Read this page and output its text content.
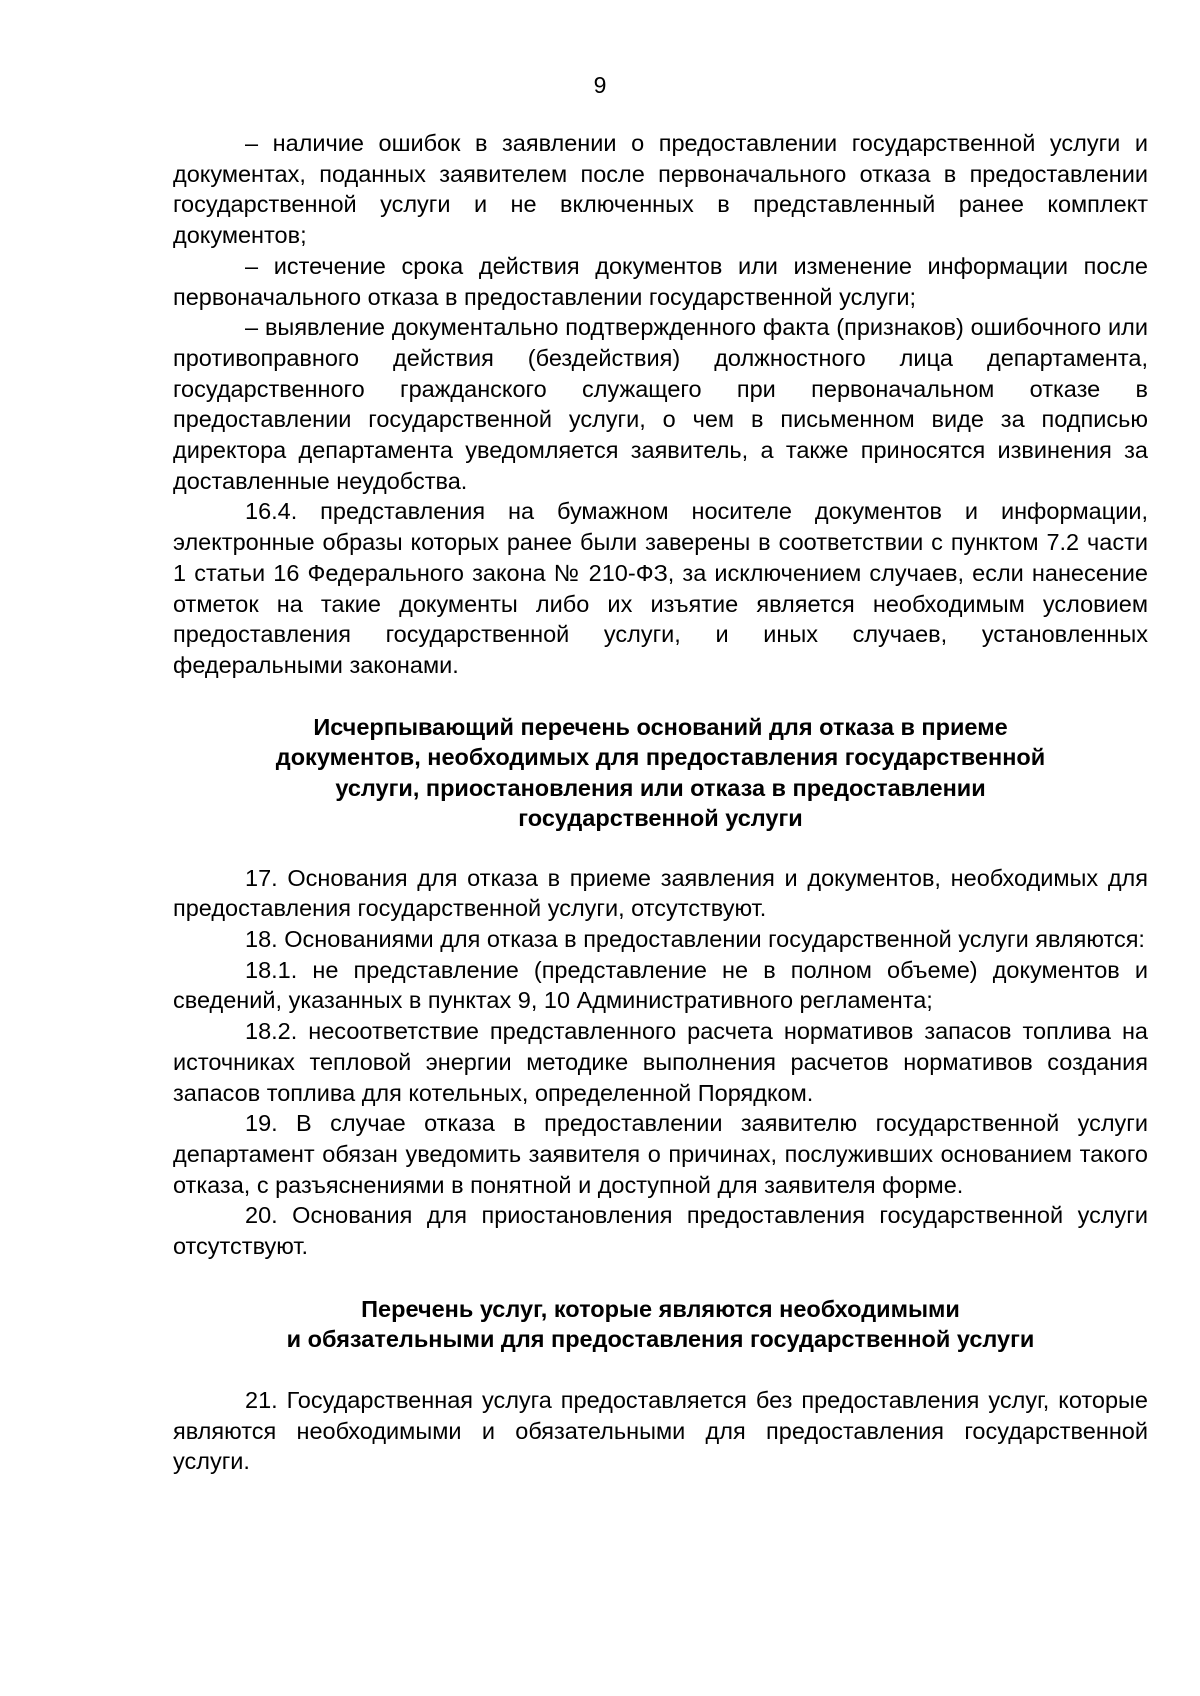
9

– наличие ошибок в заявлении о предоставлении государственной услуги и документах, поданных заявителем после первоначального отказа в предоставлении государственной услуги и не включенных в представленный ранее комплект документов;

– истечение срока действия документов или изменение информации после первоначального отказа в предоставлении государственной услуги;

– выявление документально подтвержденного факта (признаков) ошибочного или противоправного действия (бездействия) должностного лица департамента, государственного гражданского служащего при первоначальном отказе в предоставлении государственной услуги, о чем в письменном виде за подписью директора департамента уведомляется заявитель, а также приносятся извинения за доставленные неудобства.

16.4. представления на бумажном носителе документов и информации, электронные образы которых ранее были заверены в соответствии с пунктом 7.2 части 1 статьи 16 Федерального закона № 210-ФЗ, за исключением случаев, если нанесение отметок на такие документы либо их изъятие является необходимым условием предоставления государственной услуги, и иных случаев, установленных федеральными законами.

Исчерпывающий перечень оснований для отказа в приеме
документов, необходимых для предоставления государственной
услуги, приостановления или отказа в предоставлении
государственной услуги

17. Основания для отказа в приеме заявления и документов, необходимых для предоставления государственной услуги, отсутствуют.

18. Основаниями для отказа в предоставлении государственной услуги являются:

18.1. не представление (представление не в полном объеме) документов и сведений, указанных в пунктах 9, 10 Административного регламента;

18.2. несоответствие представленного расчета нормативов запасов топлива на источниках тепловой энергии методике выполнения расчетов нормативов создания запасов топлива для котельных, определенной Порядком.

19. В случае отказа в предоставлении заявителю государственной услуги департамент обязан уведомить заявителя о причинах, послуживших основанием такого отказа, с разъяснениями в понятной и доступной для заявителя форме.

20. Основания для приостановления предоставления государственной услуги отсутствуют.

Перечень услуг, которые являются необходимыми
и обязательными для предоставления государственной услуги

21. Государственная услуга предоставляется без предоставления услуг, которые являются необходимыми и обязательными для предоставления государственной услуги.
